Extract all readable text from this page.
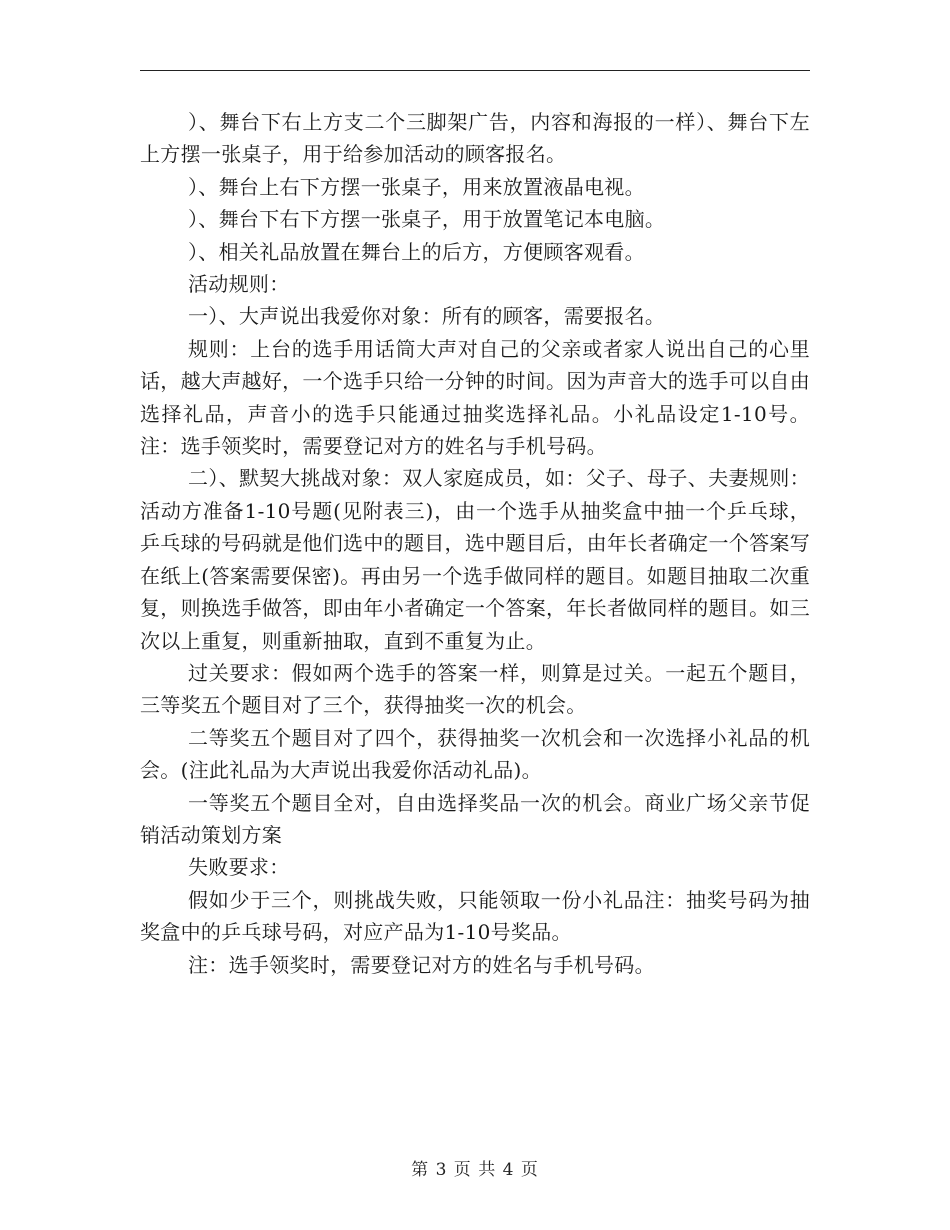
）、舞台下右上方支二个三脚架广告，内容和海报的一样）、舞台下左上方摆一张桌子，用于给参加活动的顾客报名。

）、舞台上右下方摆一张桌子，用来放置液晶电视。

）、舞台下右下方摆一张桌子，用于放置笔记本电脑。

）、相关礼品放置在舞台上的后方，方便顾客观看。

活动规则：

一）、大声说出我爱你对象：所有的顾客，需要报名。

规则：上台的选手用话筒大声对自己的父亲或者家人说出自己的心里话，越大声越好，一个选手只给一分钟的时间。因为声音大的选手可以自由选择礼品，声音小的选手只能通过抽奖选择礼品。小礼品设定1-10号。注：选手领奖时，需要登记对方的姓名与手机号码。

二）、默契大挑战对象：双人家庭成员，如：父子、母子、夫妻规则：活动方准备1-10号题(见附表三)，由一个选手从抽奖盒中抽一个乒乓球，乒乓球的号码就是他们选中的题目，选中题目后，由年长者确定一个答案写在纸上(答案需要保密)。再由另一个选手做同样的题目。如题目抽取二次重复，则换选手做答，即由年小者确定一个答案，年长者做同样的题目。如三次以上重复，则重新抽取，直到不重复为止。

过关要求：假如两个选手的答案一样，则算是过关。一起五个题目，三等奖五个题目对了三个，获得抽奖一次的机会。

二等奖五个题目对了四个，获得抽奖一次机会和一次选择小礼品的机会。(注此礼品为大声说出我爱你活动礼品)。

一等奖五个题目全对，自由选择奖品一次的机会。商业广场父亲节促销活动策划方案

失败要求：

假如少于三个，则挑战失败，只能领取一份小礼品注：抽奖号码为抽奖盒中的乒乓球号码，对应产品为1-10号奖品。

注：选手领奖时，需要登记对方的姓名与手机号码。

第 3 页 共 4 页
